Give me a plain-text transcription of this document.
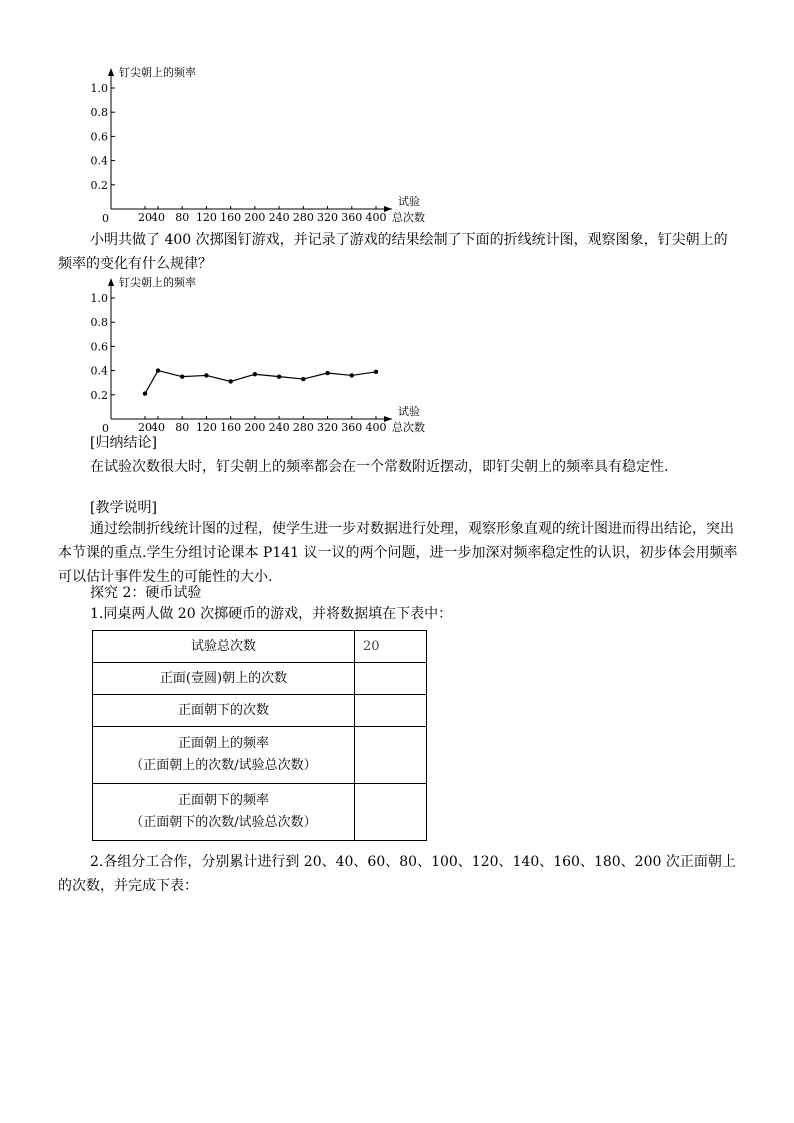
钉尖朝上的频率
试验
总次数
0
1.0
0.8
0.6
0.4
0.2
20 40 80 120 160 200 240 280 320 360 400
小明共做了 400 次掷图钉游戏，并记录了游戏的结果绘制了下面的折线统计图，观察图象，钉尖朝上的频率的变化有什么规律？
钉尖朝上的频率
试验
总次数
0
1.0
0.8
0.6
0.4
0.2
20 40 80 120 160 200 240 280 320 360 400
[归纳结论]
在试验次数很大时，钉尖朝上的频率都会在一个常数附近摆动，即钉尖朝上的频率具有稳定性.
[教学说明]
通过绘制折线统计图的过程，使学生进一步对数据进行处理，观察形象直观的统计图进而得出结论，突出本节课的重点.学生分组讨论课本 P141 议一议的两个问题，进一步加深对频率稳定性的认识，初步体会用频率可以估计事件发生的可能性的大小.
探究 2：硬币试验
1.同桌两人做 20 次掷硬币的游戏，并将数据填在下表中：
试验总次数	20
正面(壹圆)朝上的次数	
正面朝下的次数	

正面朝上的频率
（正面朝上的次数/试验总次数）	

正面朝下的频率
（正面朝下的次数/试验总次数）	

2.各组分工合作，分别累计进行到 20、40、60、80、100、120、140、160、180、200 次正面朝上的次数，并完成下表：
